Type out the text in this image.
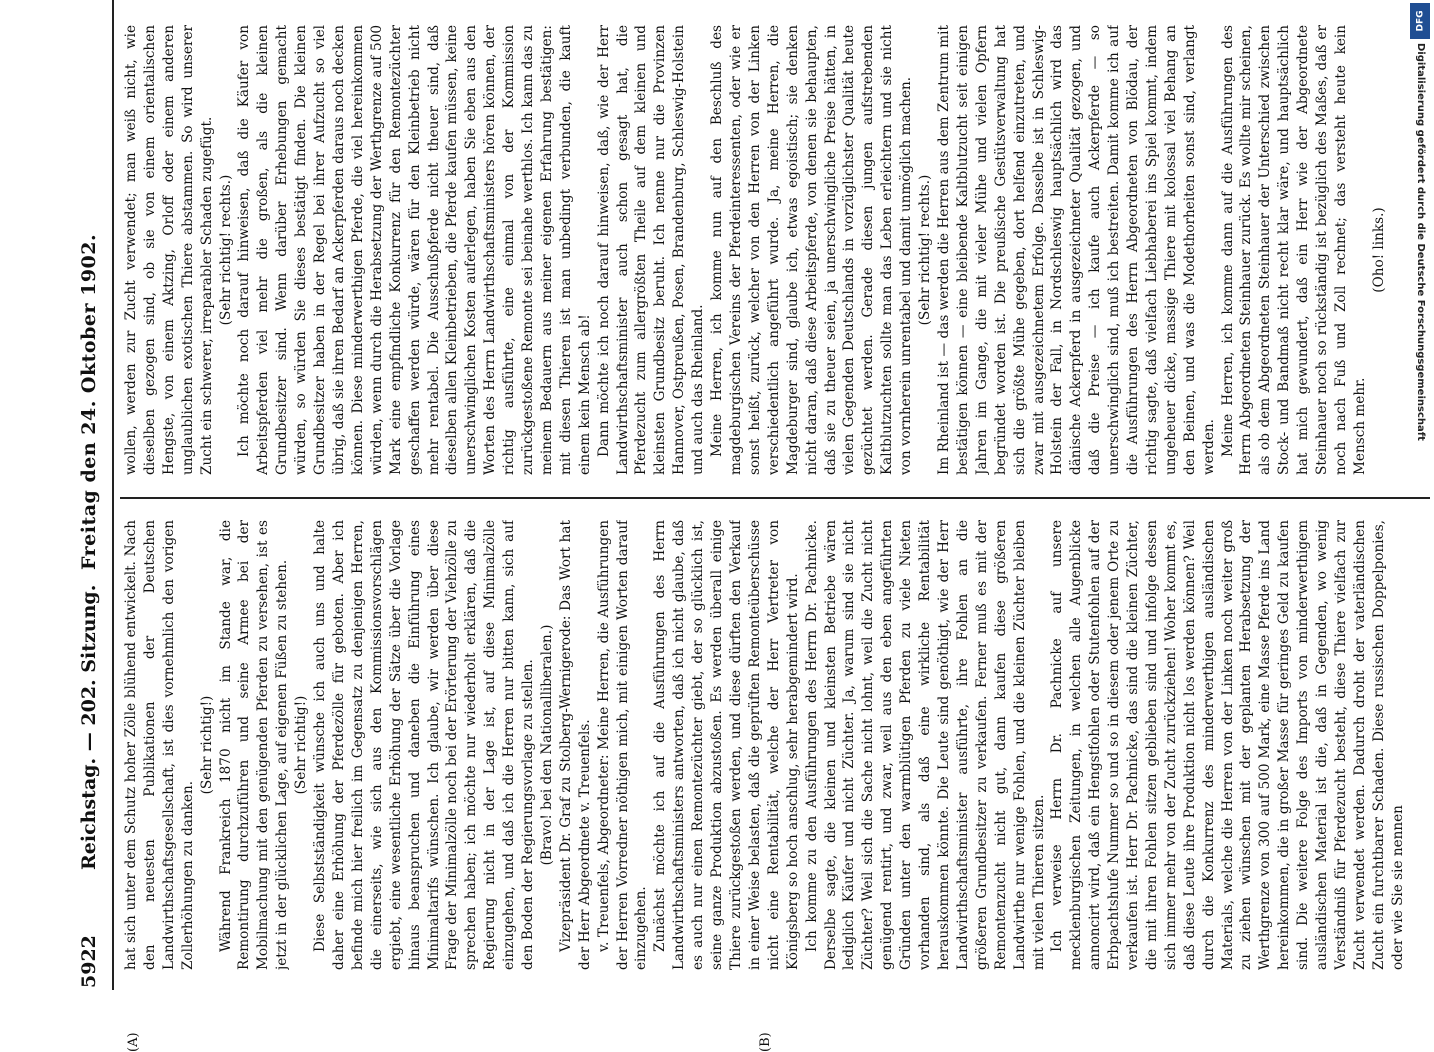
5922
Reichstag. — 202. Sitzung.
Freitag den 24. Oktober 1902.
(A)	(B)

hat sich unter dem Schutz hoher Zölle blühend entwickelt. Nach den neuesten Publikationen der Deutschen Landwirthschaftsgesellschaft, ist dies vornehmlich den vorigen Zollerhöhungen zu danken.

(Sehr richtig!) Während Frankreich 1870 nicht im Stande war, die Remontirung durchzuführen und seine Armee bei der Mobilmachung mit den genügenden Pferden zu versehen, ist es jetzt in der glücklichen Lage, auf eigenen Füßen zu stehen. (Sehr richtig!) Diese Selbstständigkeit wünsche ich auch uns und halte daher eine Erhöhung der Pferdezölle für geboten. Aber ich befinde mich hier freilich im Gegensatz zu denjenigen Herren, die einerseits, wie sich aus den Kommissionsvorschlägen ergiebt, eine wesentliche Erhöhung der Sätze über die Vorlage hinaus beanspruchen und daneben die Einführung eines Minimaltarifs wünschen. Ich glaube, wir werden über diese Frage der Minimalzölle noch bei der Erörterung der Viehzölle zu sprechen haben; ich möchte nur wiederholt erklären, daß die Regierung nicht in der Lage ist, auf diese Minimalzölle einzugehen, und daß ich die Herren nur bitten kann, sich auf den Boden der Regierungsvorlage zu stellen. (Bravo! bei den Nationalliberalen.) Vizepräsident Dr. Graf zu Stolberg-Wernigerode: Das Wort hat der Herr Abgeordnete v. Treuenfels. v. Treuenfels, Abgeordneter: Meine Herren, die Ausführungen der Herren Vorredner nöthigen mich, mit einigen Worten darauf einzugehen. Zunächst möchte ich auf die Ausführungen des Herrn Landwirthschaftsministers antworten, daß ich nicht glaube, daß es auch nur einen Remontezüchter giebt, der so glücklich ist, seine ganze Produktion abzustoßen. Es werden überall einige Thiere zurückgestoßen werden, und diese dürften den Verkauf in einer Weise belasten, daß die geprüften Remonteüberschüsse nicht eine Rentabilität, welche der Herr Vertreter von Königsberg so hoch anschlug, sehr herabgemindert wird. Ich komme zu den Ausführungen des Herrn Dr. Pachnicke. Derselbe sagte, die kleinen und kleinsten Betriebe wären lediglich Käufer und nicht Züchter. Ja, warum sind sie nicht Züchter? Weil sich die Sache nicht lohnt, weil die Zucht nicht genügend rentirt, und zwar, weil aus den eben angeführten Gründen unter den warmblütigen Pferden zu viele Nieten vorhanden sind, als daß eine wirkliche Rentabilität herauskommen könnte. Die Leute sind genöthigt, wie der Herr Landwirthschaftsminister ausführte, ihre Fohlen an die größeren Grundbesitzer zu verkaufen. Ferner muß es mit der Remontenzucht nicht gut, dann kaufen diese größeren Landwirthe nur wenige Fohlen, und die kleinen Züchter bleiben mit vielen Thieren sitzen. Ich verweise Herrn Dr. Pachnicke auf unsere mecklenburgischen Zeitungen, in welchen alle Augenblicke annoncirt wird, daß ein Hengstfohlen oder Stutenfohlen auf der Erbpachtshufe Nummer so und so in diesem oder jenem Orte zu verkaufen ist. Herr Dr. Pachnicke, das sind die kleinen Züchter, die mit ihren Fohlen sitzen geblieben sind und infolge dessen sich immer mehr von der Zucht zurückziehen! Woher kommt es, daß diese Leute ihre Produktion nicht los werden können? Weil durch die Konkurrenz des minderwerthigen ausländischen Materials, welche die Herren von der Linken noch weiter groß zu ziehen wünschen mit der geplanten Herabsetzung der Werthgrenze von 300 auf 500 Mark, eine Masse Pferde ins Land hereinkommen, die in großer Masse für geringes Geld zu kaufen sind. Die weitere Folge des Imports von minderwerthigem ausländischen Material ist die, daß in Gegenden, wo wenig Verständniß für Pferdezucht besteht, diese Thiere vielfach zur Zucht verwendet werden. Dadurch droht der vaterländischen Zucht ein furchtbarer Schaden. Diese russischen Doppelponies, oder wie Sie sie nennen

wollen, werden zur Zucht verwendet; man weiß nicht, wie dieselben gezogen sind, ob sie von einem orientalischen Hengste, von einem Aktzing, Orloff oder einem anderen unglaublichen exotischen Thiere abstammen. So wird unserer Zucht ein schwerer, irreparabler Schaden zugefügt. (Sehr richtig! rechts.) Ich möchte noch darauf hinweisen, daß die Käufer von Arbeitspferden viel mehr die großen, als die kleinen Grundbesitzer sind. Wenn darüber Erhebungen gemacht würden, so würden Sie dieses bestätigt finden. Die kleinen Grundbesitzer haben in der Regel bei ihrer Aufzucht so viel übrig, daß sie ihren Bedarf an Ackerpferden daraus noch decken können. Diese minderwerthigen Pferde, die viel hereinkommen würden, wenn durch die Herabsetzung der Werthgrenze auf 500 Mark eine empfindliche Konkurrenz für den Remontezüchter geschaffen werden würde, wären für den Kleinbetrieb nicht mehr rentabel. Die Ausschußpferde nicht theuer sind, daß dieselben allen Kleinbetrieben, die Pferde kaufen müssen, keine unerschwinglichen Kosten auferlegen, haben Sie eben aus den Worten des Herrn Landwirthschaftsministers hören können, der richtig ausführte, eine einmal von der Kommission zurückgestoßene Remonte sei beinahe werthlos. Ich kann das zu meinem Bedauern aus meiner eigenen Erfahrung bestätigen: mit diesen Thieren ist man unbedingt verbunden, die kauft einem kein Mensch ab! Dann möchte ich noch darauf hinweisen, daß, wie der Herr Landwirthschaftsminister auch schon gesagt hat, die Pferdezucht zum allergrößten Theile auf dem kleinen und kleinsten Grundbesitz beruht. Ich nenne nur die Provinzen Hannover, Ostpreußen, Posen, Brandenburg, Schleswig-Holstein und auch das Rheinland. Meine Herren, ich komme nun auf den Beschluß des magdeburgischen Vereins der Pferdeinteressenten, oder wie er sonst heißt, zurück, welcher von den Herren von der Linken verschiedentlich angeführt wurde. Ja, meine Herren, die Magdeburger sind, glaube ich, etwas egoistisch; sie denken nicht daran, daß diese Arbeitspferde, von denen sie behaupten, daß sie zu theuer seien, ja unerschwingliche Preise hätten, in vielen Gegenden Deutschlands in vorzüglichster Qualität heute gezüchtet werden. Gerade diesen jungen aufstrebenden Kaltblutzuchten sollte man das Leben erleichtern und sie nicht von vornherein unrentabel und damit unmöglich machen. (Sehr richtig! rechts.) Im Rheinland ist — das werden die Herren aus dem Zentrum mit bestätigen können — eine bleibende Kaltblutzucht seit einigen Jahren im Gange, die mit vieler Mühe und vielen Opfern begründet worden ist. Die preußische Gestütsverwaltung hat sich die größte Mühe gegeben, dort helfend einzutreten, und zwar mit ausgezeichnetem Erfolge. Dasselbe ist in Schleswig-Holstein der Fall, in Nordschleswig hauptsächlich wird das dänische Ackerpferd in ausgezeichneter Qualität gezogen, und daß die Preise — ich kaufe auch Ackerpferde — so unerschwinglich sind, muß ich bestreiten. Damit komme ich auf die Ausführungen des Herrn Abgeordneten von Blödau, der richtig sagte, daß vielfach Liebhaberei ins Spiel kommt, indem ungeheuer dicke, massige Thiere mit kolossal viel Behang an den Beinen, und was die Modethorheiten sonst sind, verlangt werden. Meine Herren, ich komme dann auf die Ausführungen des Herrn Abgeordneten Steinhauer zurück. Es wollte mir scheinen, als ob dem Abgeordneten Steinhauer der Unterschied zwischen Stock- und Bandmaß nicht recht klar wäre, und hauptsächlich hat mich gewundert, daß ein Herr wie der Abgeordnete Steinhauer noch so rückständig ist bezüglich des Maßes, daß er noch nach Fuß und Zoll rechnet; das versteht heute kein Mensch mehr.

(Oho! links.)

DFG
Digitalisierung gefördert durch die Deutsche Forschungsgemeinschaft
